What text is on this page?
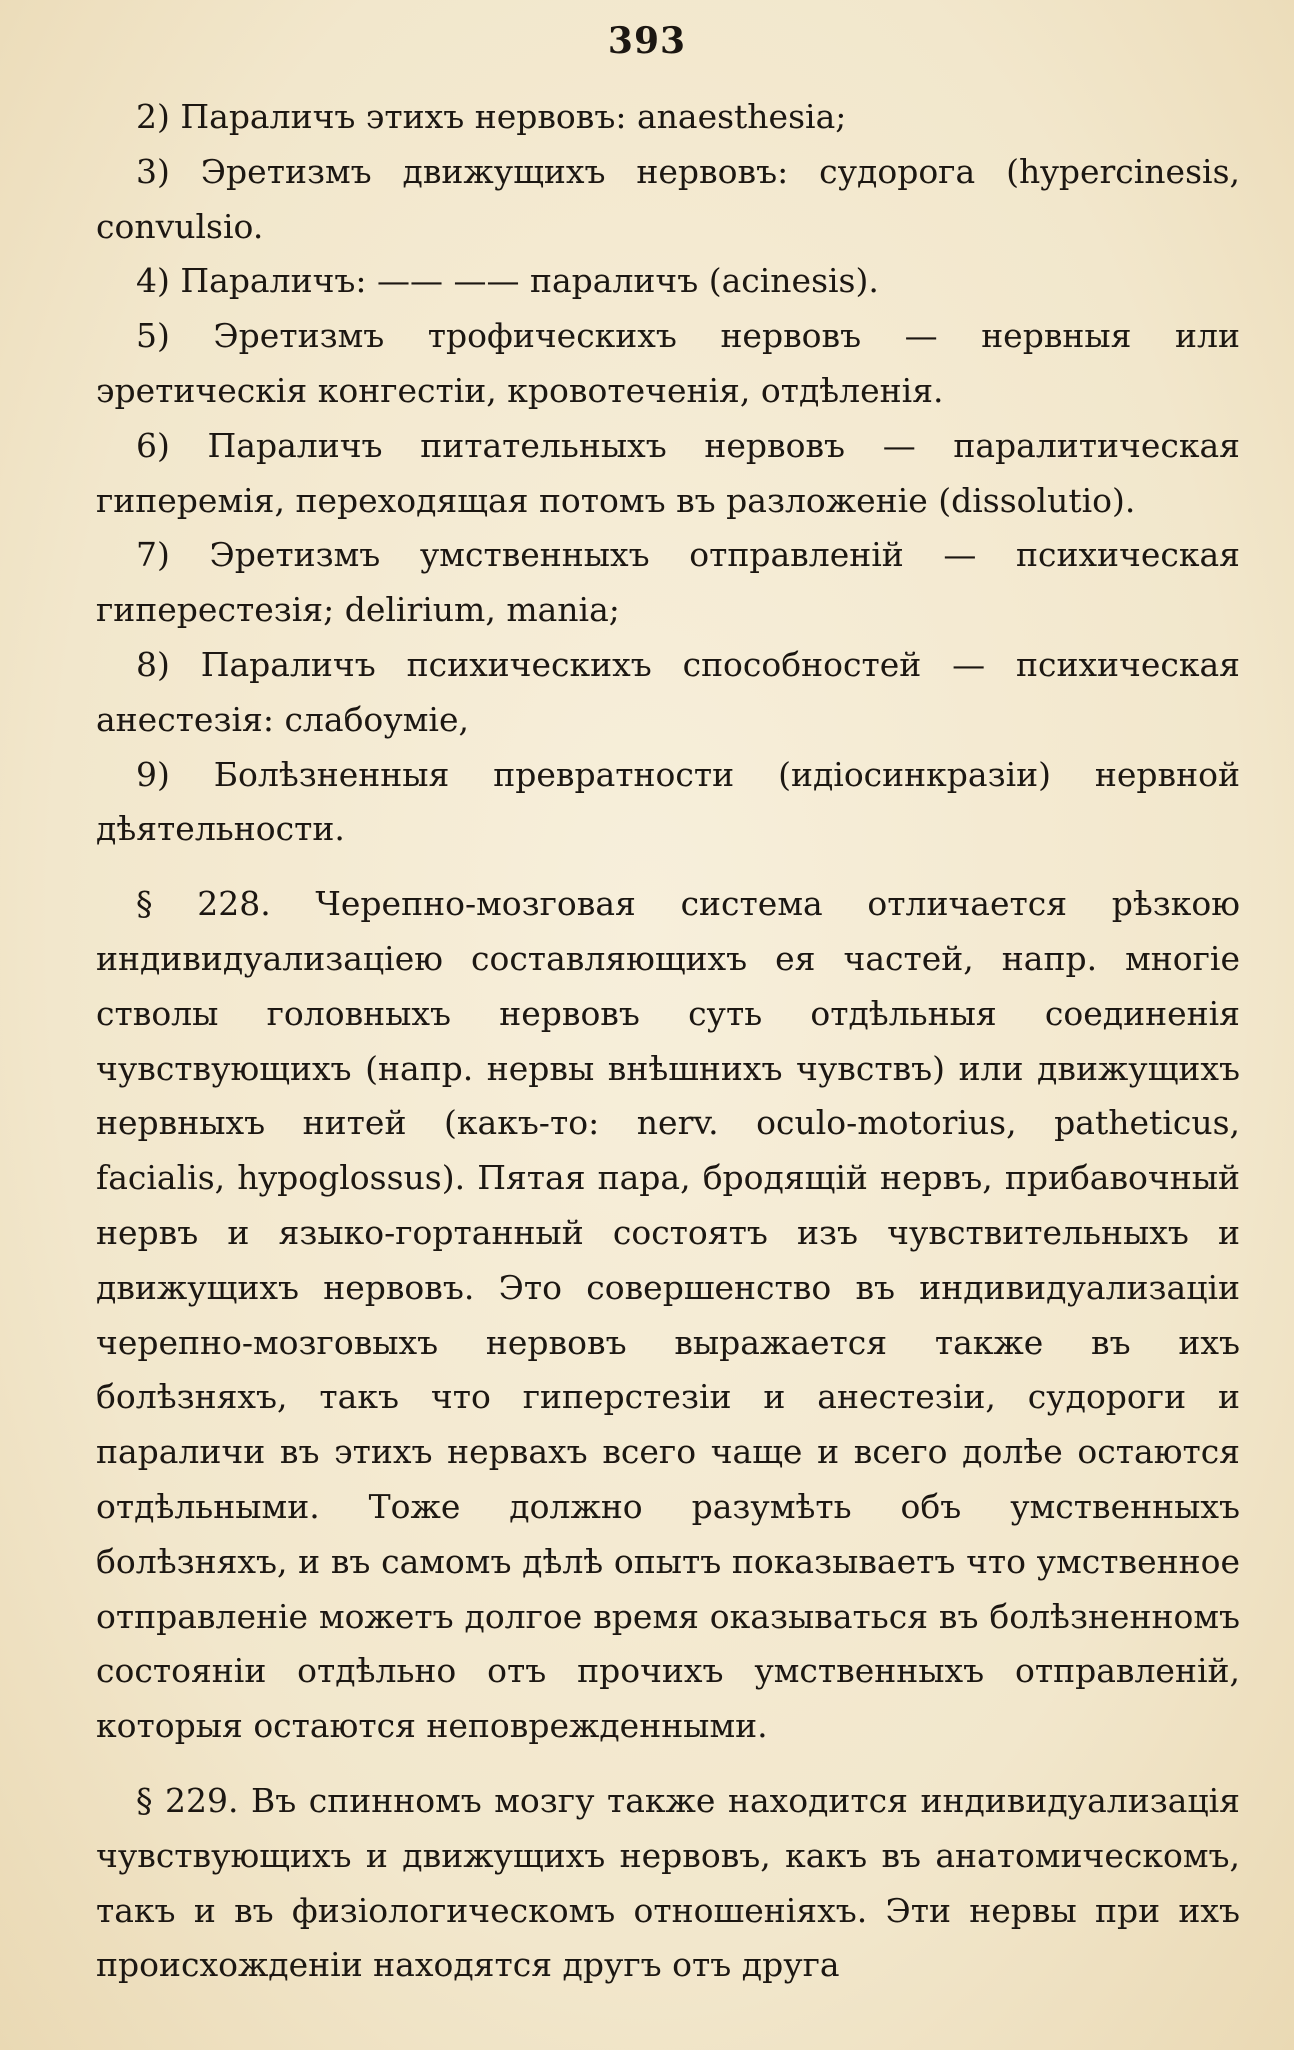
393

2) Параличъ этихъ нервовъ: anaesthesia;

3) Эретизмъ движущихъ нервовъ: судорога (hypercinesis, convulsio.

4) Параличъ: —— —— параличъ (acinesis).

5) Эретизмъ трофическихъ нервовъ — нервныя или эретическія конгестіи, кровотеченія, отдѣленія.

6) Параличъ питательныхъ нервовъ — паралитическая гиперемія, переходящая потомъ въ разложеніе (dissolutio).

7) Эретизмъ умственныхъ отправленій — психическая гиперестезія; delirium, mania;

8) Параличъ психическихъ способностей — психическая анестезія: слабоуміе,

9) Болѣзненныя превратности (идіосинкразіи) нервной дѣятельности.

§ 228. Черепно-мозговая система отличается рѣзкою индивидуализаціею составляющихъ ея частей, напр. многіе стволы головныхъ нервовъ суть отдѣльныя соединенія чувствующихъ (напр. нервы внѣшнихъ чувствъ) или движущихъ нервныхъ нитей (какъ-то: nerv. oculo-motorius, patheticus, facialis, hypoglossus). Пятая пара, бродящій нервъ, прибавочный нервъ и языко-гортанный состоятъ изъ чувствительныхъ и движущихъ нервовъ. Это совершенство въ индивидуализаціи черепно-мозговыхъ нервовъ выражается также въ ихъ болѣзняхъ, такъ что гиперстезіи и анестезіи, судороги и параличи въ этихъ нервахъ всего чаще и всего долѣе остаются отдѣльными. Тоже должно разумѣть объ умственныхъ болѣзняхъ, и въ самомъ дѣлѣ опытъ показываетъ что умственное отправленіе можетъ долгое время оказываться въ болѣзненномъ состояніи отдѣльно отъ прочихъ умственныхъ отправленій, которыя остаются неповрежденными.

§ 229. Въ спинномъ мозгу также находится индивидуализація чувствующихъ и движущихъ нервовъ, какъ въ анатомическомъ, такъ и въ физіологическомъ отношеніяхъ. Эти нервы при ихъ происхожденіи находятся другъ отъ друга
